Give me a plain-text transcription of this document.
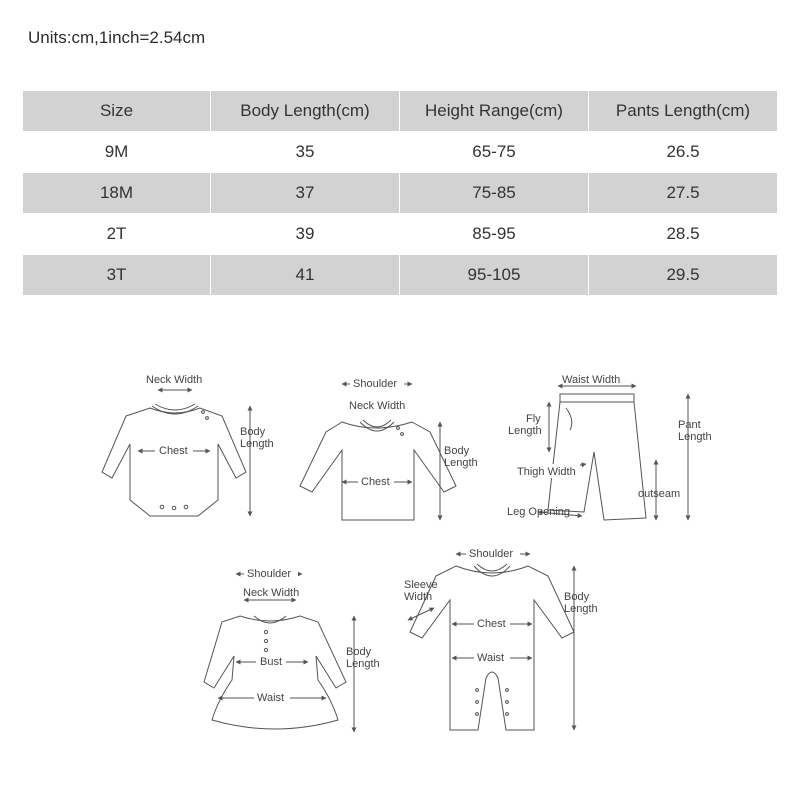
Units:cm,1inch=2.54cm
Size	Body Length(cm)	Height Range(cm)	Pants Length(cm)
9M	35	65-75	26.5
18M	37	75-85	27.5
2T	39	85-95	28.5
3T	41	95-105	29.5
Neck Width
Chest
Body
Length
Shoulder
Neck Width
Chest
Body
Length
Waist Width
Fly
Length	Pant
Length
Thigh Width
outseam
Leg Opening
Shoulder
Neck Width
Bust
Waist
Body
Length
Shoulder
Sleeve
Width
Chest
Waist
Body
Length
